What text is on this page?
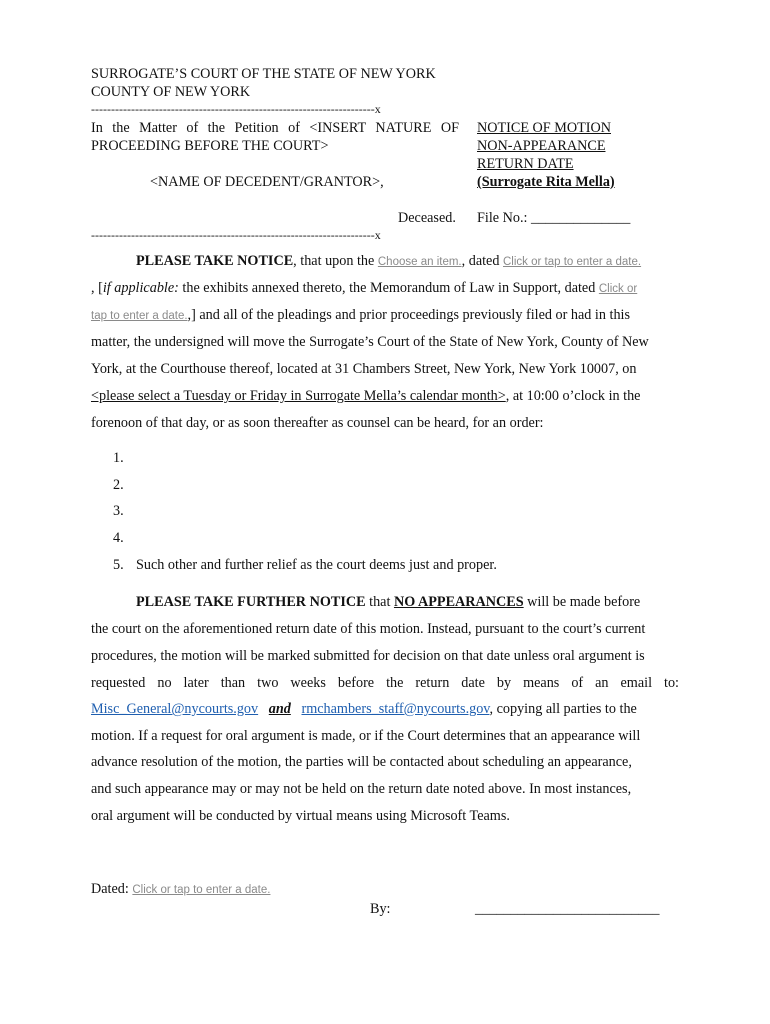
SURROGATE’S COURT OF THE STATE OF NEW YORK
COUNTY OF NEW YORK
-----------------------------------------------------------------------x
In the Matter of the Petition of <INSERT NATURE OF
PROCEEDING BEFORE THE COURT>
<NAME OF DECEDENT/GRANTOR>,
Deceased.
-----------------------------------------------------------------------x
NOTICE OF MOTION
NON-APPEARANCE
RETURN DATE
(Surrogate Rita Mella)
File No.: ______________
PLEASE TAKE NOTICE, that upon the Choose an item., dated Click or tap to enter a date.
, [if applicable: the exhibits annexed thereto, the Memorandum of Law in Support, dated Click or
tap to enter a date.,] and all of the pleadings and prior proceedings previously filed or had in this
matter, the undersigned will move the Surrogate’s Court of the State of New York, County of New
York, at the Courthouse thereof, located at 31 Chambers Street, New York, New York 10007, on
<please select a Tuesday or Friday in Surrogate Mella’s calendar month>, at 10:00 o’clock in the
forenoon of that day, or as soon thereafter as counsel can be heard, for an order:
1.
2.
3.
4.
5. Such other and further relief as the court deems just and proper.
PLEASE TAKE FURTHER NOTICE that NO APPEARANCES will be made before
the court on the aforementioned return date of this motion. Instead, pursuant to the court’s current
procedures, the motion will be marked submitted for decision on that date unless oral argument is
requested no later than two weeks before the return date by means of an email to:
Misc_General@nycourts.gov and rmchambers_staff@nycourts.gov, copying all parties to the
motion. If a request for oral argument is made, or if the Court determines that an appearance will
advance resolution of the motion, the parties will be contacted about scheduling an appearance,
and such appearance may or may not be held on the return date noted above. In most instances,
oral argument will be conducted by virtual means using Microsoft Teams.
Dated: Click or tap to enter a date.
By:	__________________________
